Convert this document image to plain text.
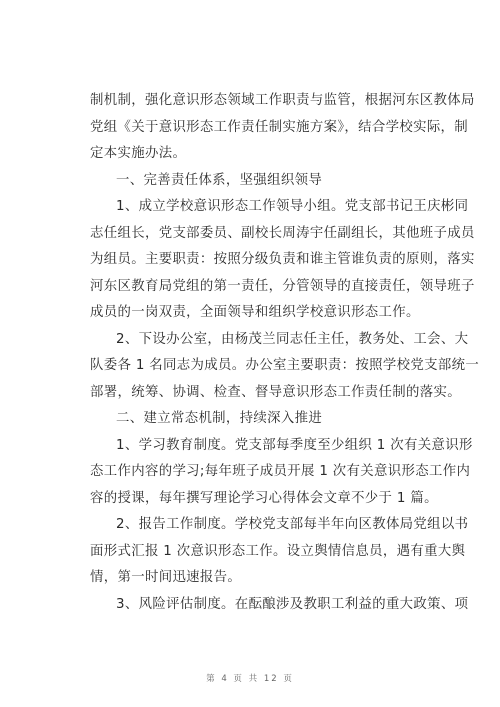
制机制，强化意识形态领域工作职责与监管，根据河东区教体局
党组《关于意识形态工作责任制实施方案》，结合学校实际，制
定本实施办法。
一、完善责任体系，坚强组织领导
1、成立学校意识形态工作领导小组。党支部书记王庆彬同
志任组长，党支部委员、副校长周涛宇任副组长，其他班子成员
为组员。主要职责：按照分级负责和谁主管谁负责的原则，落实
河东区教育局党组的第一责任，分管领导的直接责任，领导班子
成员的一岗双责，全面领导和组织学校意识形态工作。
2、下设办公室，由杨茂兰同志任主任，教务处、工会、大
队委各 1 名同志为成员。办公室主要职责：按照学校党支部统一
部署，统筹、协调、检查、督导意识形态工作责任制的落实。
二、建立常态机制，持续深入推进
1、学习教育制度。党支部每季度至少组织 1 次有关意识形
态工作内容的学习;每年班子成员开展 1 次有关意识形态工作内
容的授课，每年撰写理论学习心得体会文章不少于 1 篇。
2、报告工作制度。学校党支部每半年向区教体局党组以书
面形式汇报 1 次意识形态工作。设立舆情信息员，遇有重大舆
情，第一时间迅速报告。
3、风险评估制度。在酝酿涉及教职工利益的重大政策、项
第 4 页 共 12 页
